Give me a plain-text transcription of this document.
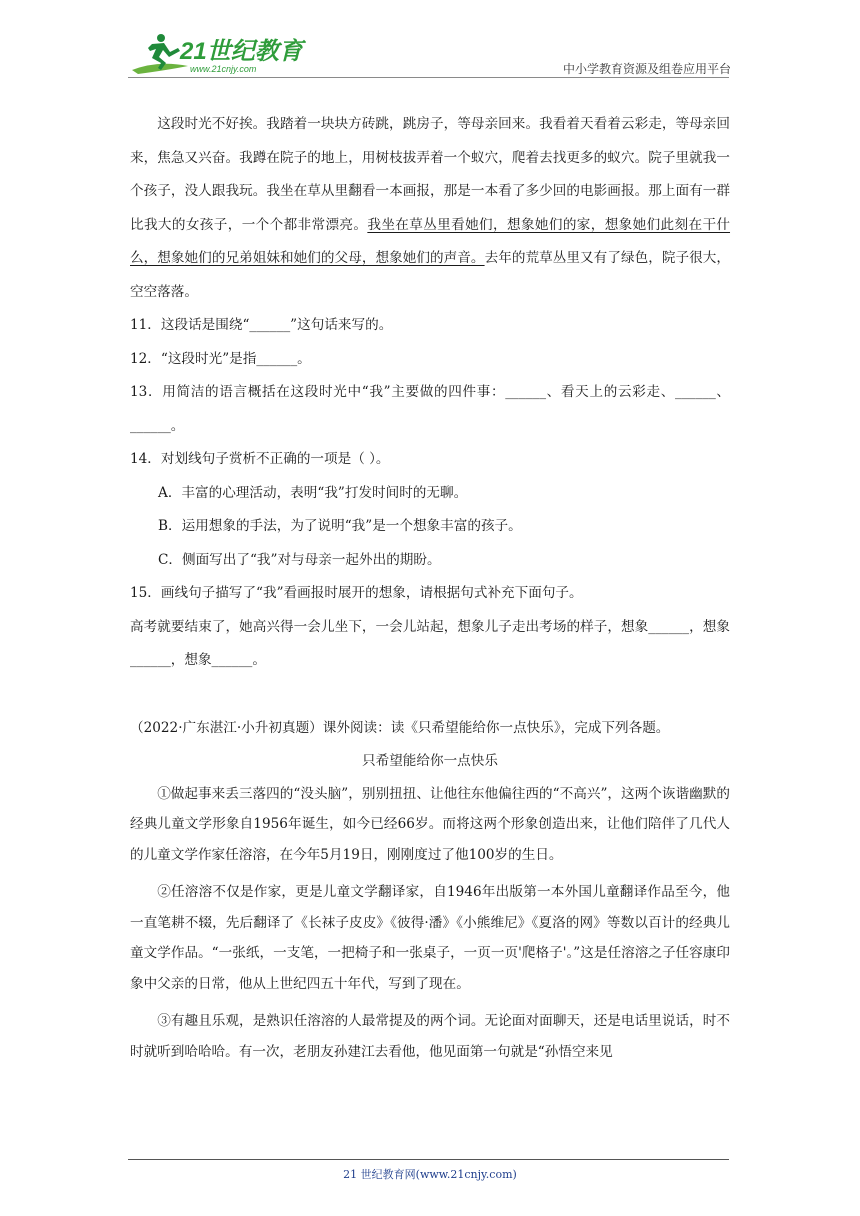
21世纪教育
www.21cnjy.com	中小学教育资源及组卷应用平台

这段时光不好挨。我踏着一块块方砖跳，跳房子，等母亲回来。我看着天看着云彩走，等母亲回来，焦急又兴奋。我蹲在院子的地上，用树枝拔弄着一个蚁穴，爬着去找更多的蚁穴。院子里就我一个孩子，没人跟我玩。我坐在草从里翻看一本画报，那是一本看了多少回的电影画报。那上面有一群比我大的女孩子，一个个都非常漂亮。我坐在草丛里看她们，想象她们的家，想象她们此刻在干什么，想象她们的兄弟姐妹和她们的父母，想象她们的声音。去年的荒草丛里又有了绿色，院子很大，空空落落。

11．这段话是围绕“______”这句话来写的。

12．“这段时光”是指______。

13．用简洁的语言概括在这段时光中“我”主要做的四件事：______、看天上的云彩走、______、______。

14．对划线句子赏析不正确的一项是（ ）。

A．丰富的心理活动，表明“我”打发时间时的无聊。

B．运用想象的手法，为了说明“我”是一个想象丰富的孩子。

C．侧面写出了“我”对与母亲一起外出的期盼。

15．画线句子描写了“我”看画报时展开的想象，请根据句式补充下面句子。

高考就要结束了，她高兴得一会儿坐下，一会儿站起，想象儿子走出考场的样子，想象______，想象______，想象______。

（2022·广东湛江·小升初真题）课外阅读：读《只希望能给你一点快乐》，完成下列各题。

只希望能给你一点快乐

①做起事来丢三落四的“没头脑”，别别扭扭、让他往东他偏往西的“不高兴”，这两个诙谐幽默的经典儿童文学形象自1956年诞生，如今已经66岁。而将这两个形象创造出来，让他们陪伴了几代人的儿童文学作家任溶溶，在今年5月19日，刚刚度过了他100岁的生日。

②任溶溶不仅是作家，更是儿童文学翻译家，自1946年出版第一本外国儿童翻译作品至今，他一直笔耕不辍，先后翻译了《长袜子皮皮》《彼得·潘》《小熊维尼》《夏洛的网》等数以百计的经典儿童文学作品。“一张纸，一支笔，一把椅子和一张桌子，一页一页'爬格子'。”这是任溶溶之子任容康印象中父亲的日常，他从上世纪四五十年代，写到了现在。

③有趣且乐观，是熟识任溶溶的人最常提及的两个词。无论面对面聊天，还是电话里说话，时不时就听到哈哈哈。有一次，老朋友孙建江去看他，他见面第一句就是“孙悟空来见

21 世纪教育网(www.21cnjy.com)
